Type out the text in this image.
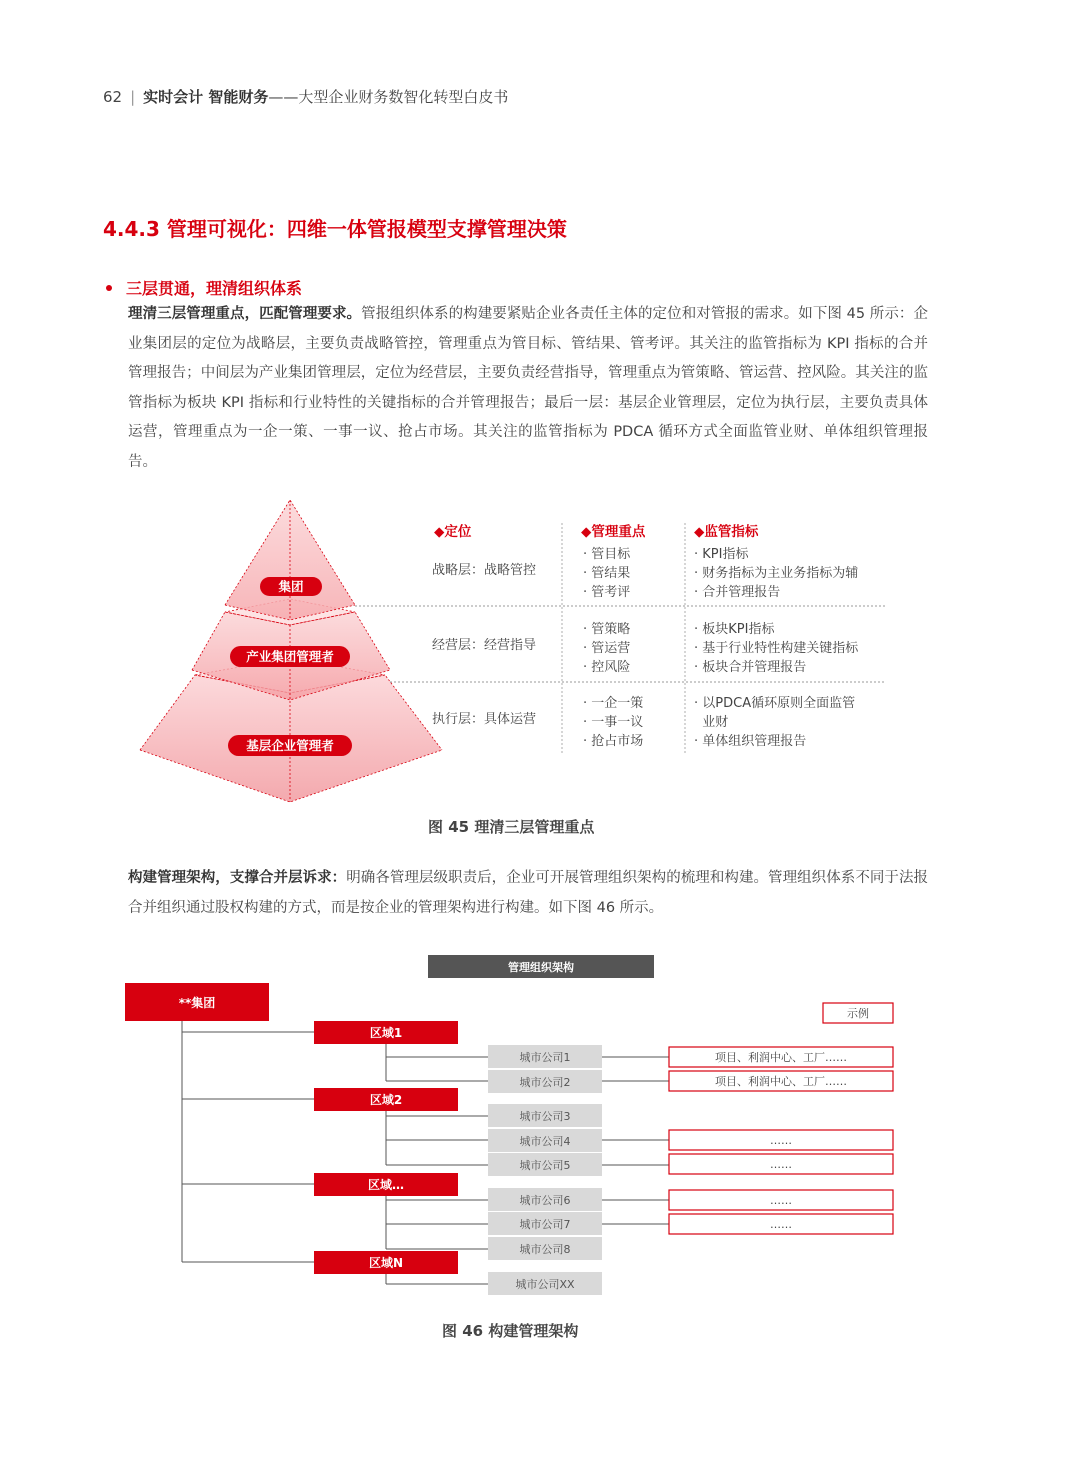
62 | 实时会计 智能财务——大型企业财务数智化转型白皮书
4.4.3 管理可视化：四维一体管报模型支撑管理决策
三层贯通，理清组织体系
理清三层管理重点，匹配管理要求。管报组织体系的构建要紧贴企业各责任主体的定位和对管报的需求。如下图 45 所示：企业集团层的定位为战略层，主要负责战略管控，管理重点为管目标、管结果、管考评。其关注的监管指标为 KPI 指标的合并管理报告；中间层为产业集团管理层，定位为经营层，主要负责经营指导，管理重点为管策略、管运营、控风险。其关注的监管指标为板块 KPI 指标和行业特性的关键指标的合并管理报告；最后一层：基层企业管理层，定位为执行层，主要负责具体运营，管理重点为一企一策、一事一议、抢占市场。其关注的监管指标为 PDCA 循环方式全面监管业财、单体组织管理报告。
集团
产业集团管理者
基层企业管理者
◆定位	◆管理重点	◆监管指标
战略层：战略管控
· 管目标
· 管结果
· 管考评
· KPI指标
· 财务指标为主业务指标为辅
· 合并管理报告
经营层：经营指导
· 管策略
· 管运营
· 控风险
· 板块KPI指标
· 基于行业特性构建关键指标
· 板块合并管理报告
执行层：具体运营
· 一企一策
· 一事一议
· 抢占市场
· 以PDCA循环原则全面监管
业财
· 单体组织管理报告
图 45 理清三层管理重点
构建管理架构，支撑合并层诉求：明确各管理层级职责后，企业可开展管理组织架构的梳理和构建。管理组织体系不同于法报合并组织通过股权构建的方式，而是按企业的管理架构进行构建。如下图 46 所示。
管理组织架构
示例
**集团
区域1
区域2
区域…
区域N
城市公司1
城市公司2
城市公司3
城市公司4
城市公司5
城市公司6
城市公司7
城市公司8
城市公司XX
项目、利润中心、工厂……
项目、利润中心、工厂……
……
……
……
……
图 46 构建管理架构
